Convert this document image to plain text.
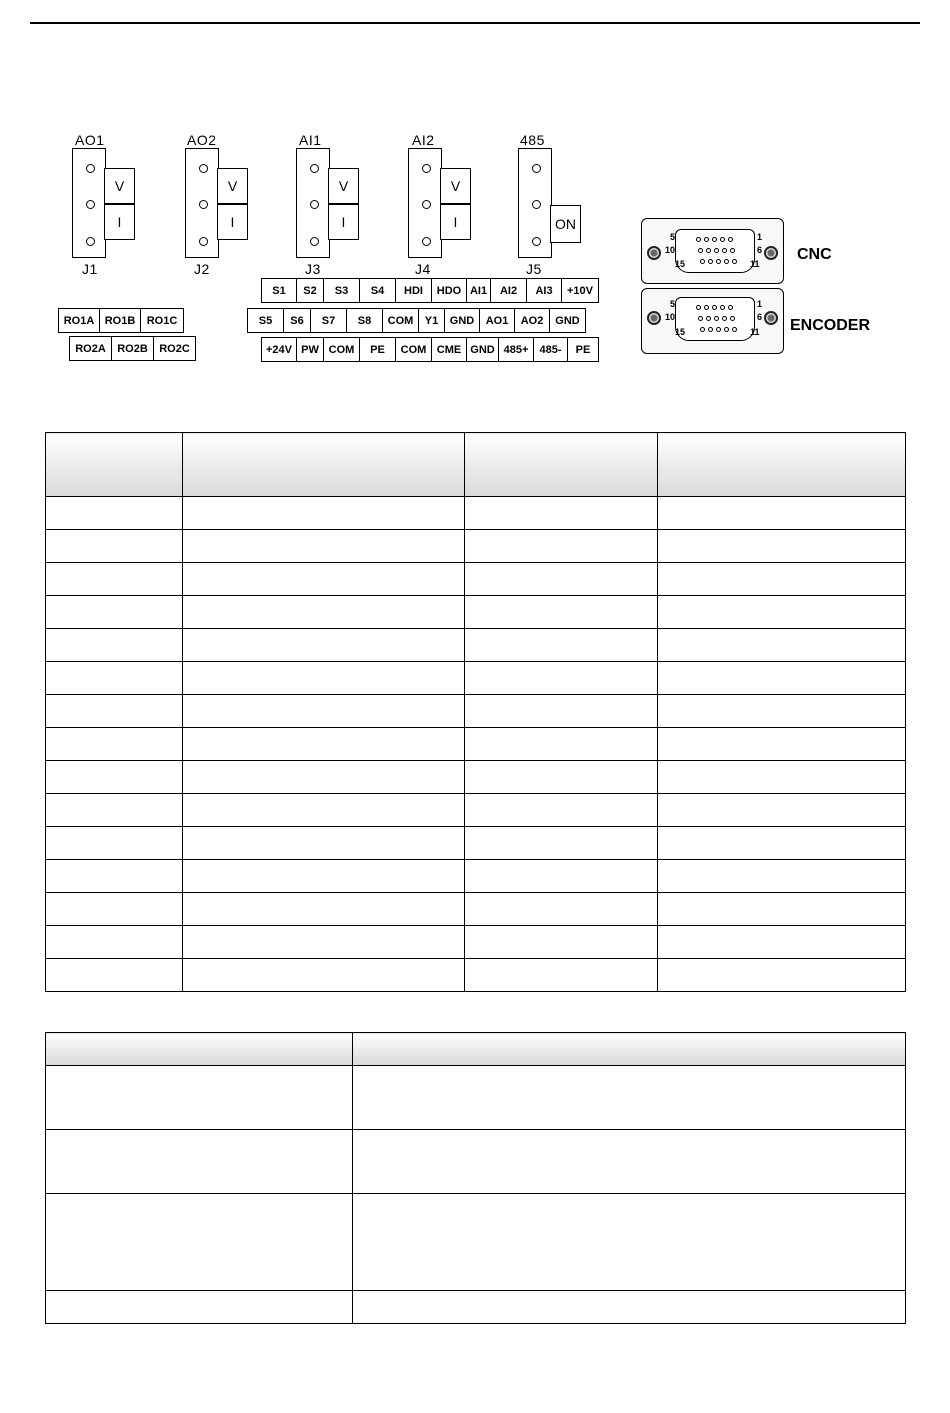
AO1
V
I
J1
AO2
V
I
J2
AI1
V
I
J3
AI2
V
I
J4
485
ON
J5
RO1A RO1B	RO1C
RO2A	RO2B	RO2C
S1	S2	S3	S4	HDI	HDO AI1	AI2	AI3	+10V
S5	S6	S7	S8	COM	Y1	GND	AO1	AO2	GND
+24V PW COM	PE	COM CME GND 485+	485-	PE
5	1
10	6
15	11
CNC
5	1
10	6
15	11 ENCODER
